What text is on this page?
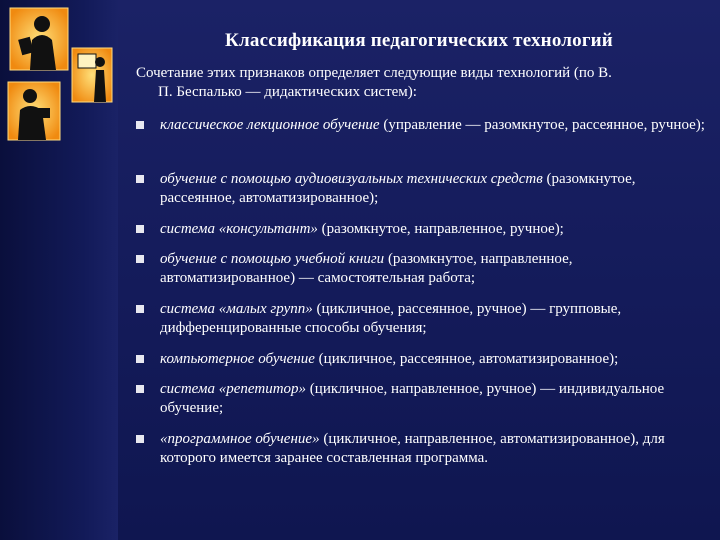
Классификация педагогических технологий
Сочетание этих признаков определяет следующие виды технологий (по В.
П. Беспалько — дидактических систем):
классическое лекционное обучение (управление — разомкнутое, рассеянное, ручное);
обучение с помощью аудиовизуальных технических средств (разомкнутое, рассеянное, автоматизированное);
система «консультант» (разомкнутое, направленное, ручное);
обучение с помощью учебной книги (разомкнутое, направленное, автоматизированное) — самостоятельная работа;
система «малых групп» (цикличное, рассеянное, ручное) — групповые, дифференцированные способы обучения;
компьютерное обучение (цикличное, рассеянное, автоматизированное);
система «репетитор» (цикличное, направленное, ручное) — индивидуальное обучение;
«программное обучение» (цикличное, направленное, автоматизированное), для которого имеется заранее составленная программа.
